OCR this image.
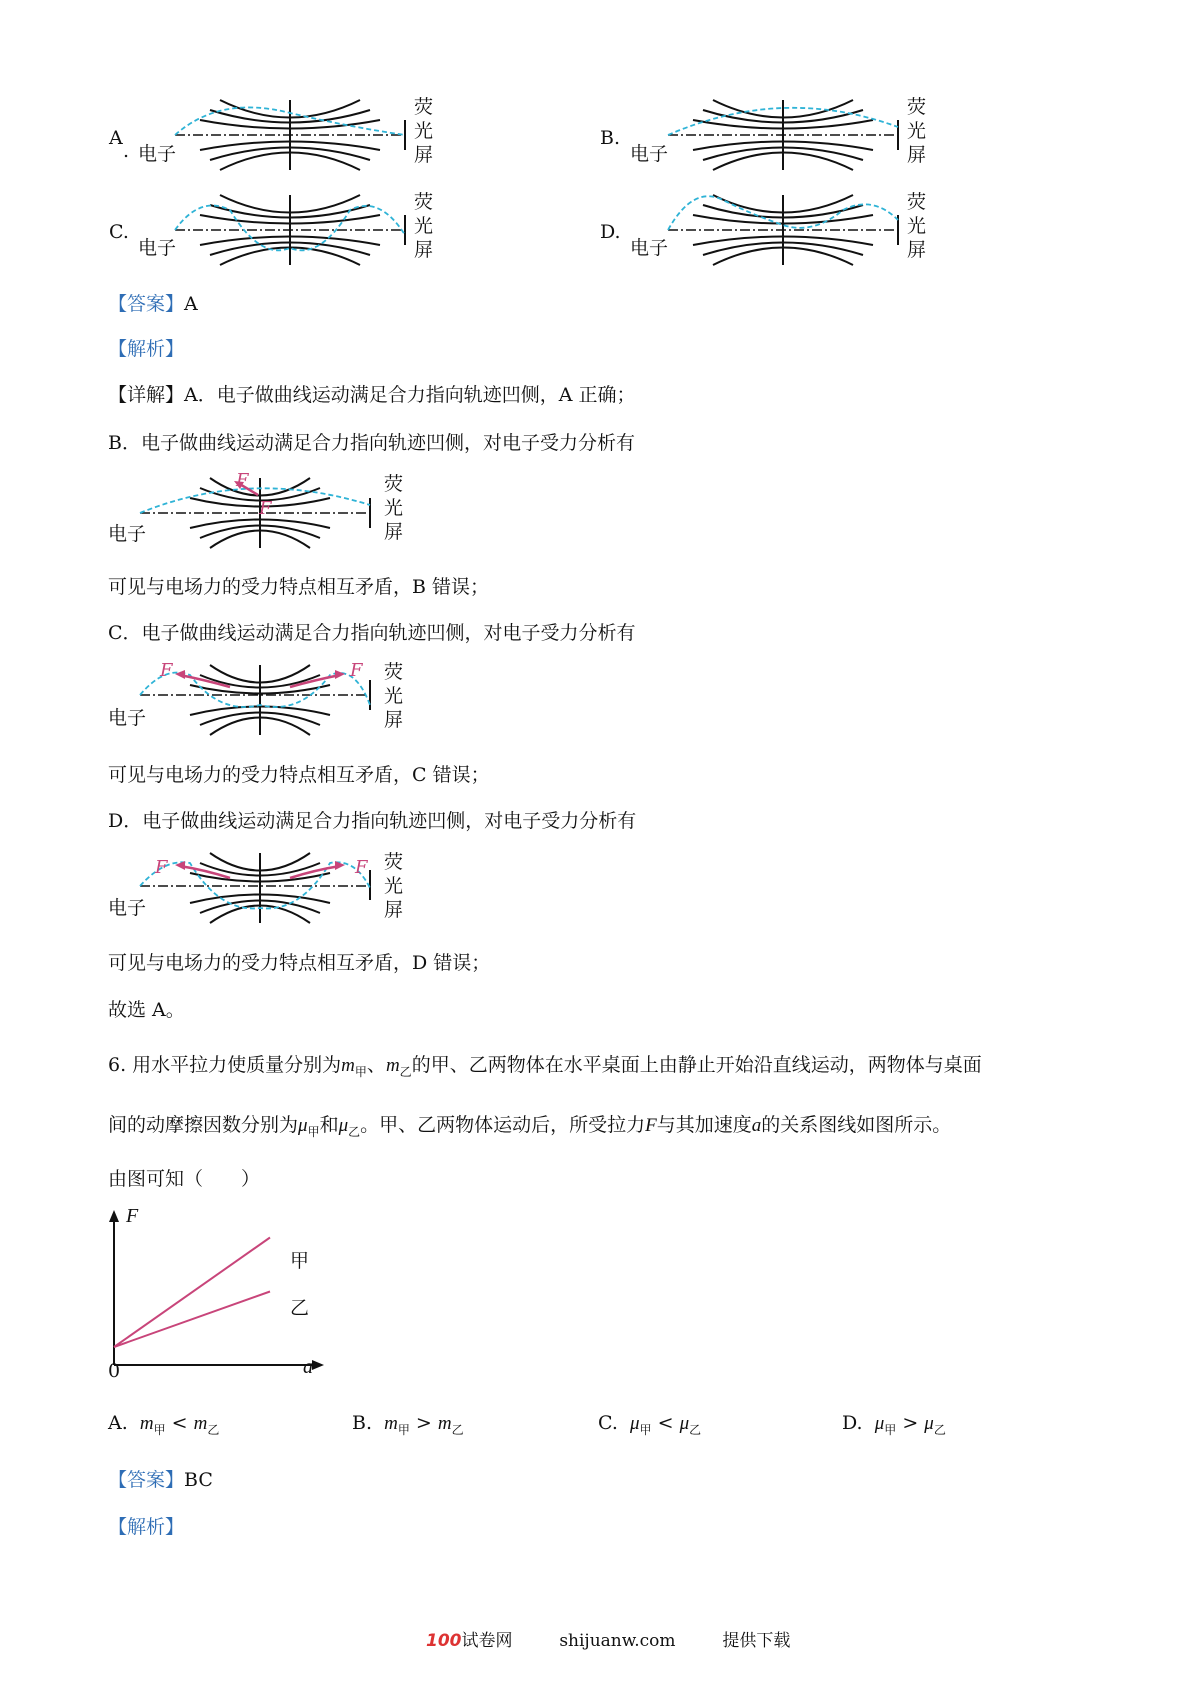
A
. 电子
荧
光
屏
B.
电子
荧
光
屏
C.
电子
荧
光
屏
D.
电子
荧
光
屏
【答案】A
【解析】
【详解】A．电子做曲线运动满足合力指向轨迹凹侧，A 正确；
B．电子做曲线运动满足合力指向轨迹凹侧，对电子受力分析有
电子
F
F
荧
光
屏
可见与电场力的受力特点相互矛盾，B 错误；
C．电子做曲线运动满足合力指向轨迹凹侧，对电子受力分析有
电子
F	F 荧
光
屏
可见与电场力的受力特点相互矛盾，C 错误；
D．电子做曲线运动满足合力指向轨迹凹侧，对电子受力分析有
电子
F	F 荧
光
屏
可见与电场力的受力特点相互矛盾，D 错误；
故选 A。
6. 用水平拉力使质量分别为$m_甲$、$m_乙$的甲、乙两物体在水平桌面上由静止开始沿直线运动，两物体与桌面
间的动摩擦因数分别为$\mu_甲$和$\mu_乙$。甲、乙两物体运动后，所受拉力F与其加速度a的关系图线如图所示。
由图可知（　　）
F
a
0
甲
乙
A. $m_甲 < m_乙$	B. $m_甲 > m_乙$	C. $\mu_甲 < \mu_乙$	D. $\mu_甲 > \mu_乙$
【答案】BC
【解析】
100试卷网	shijuanw.com	提供下载
